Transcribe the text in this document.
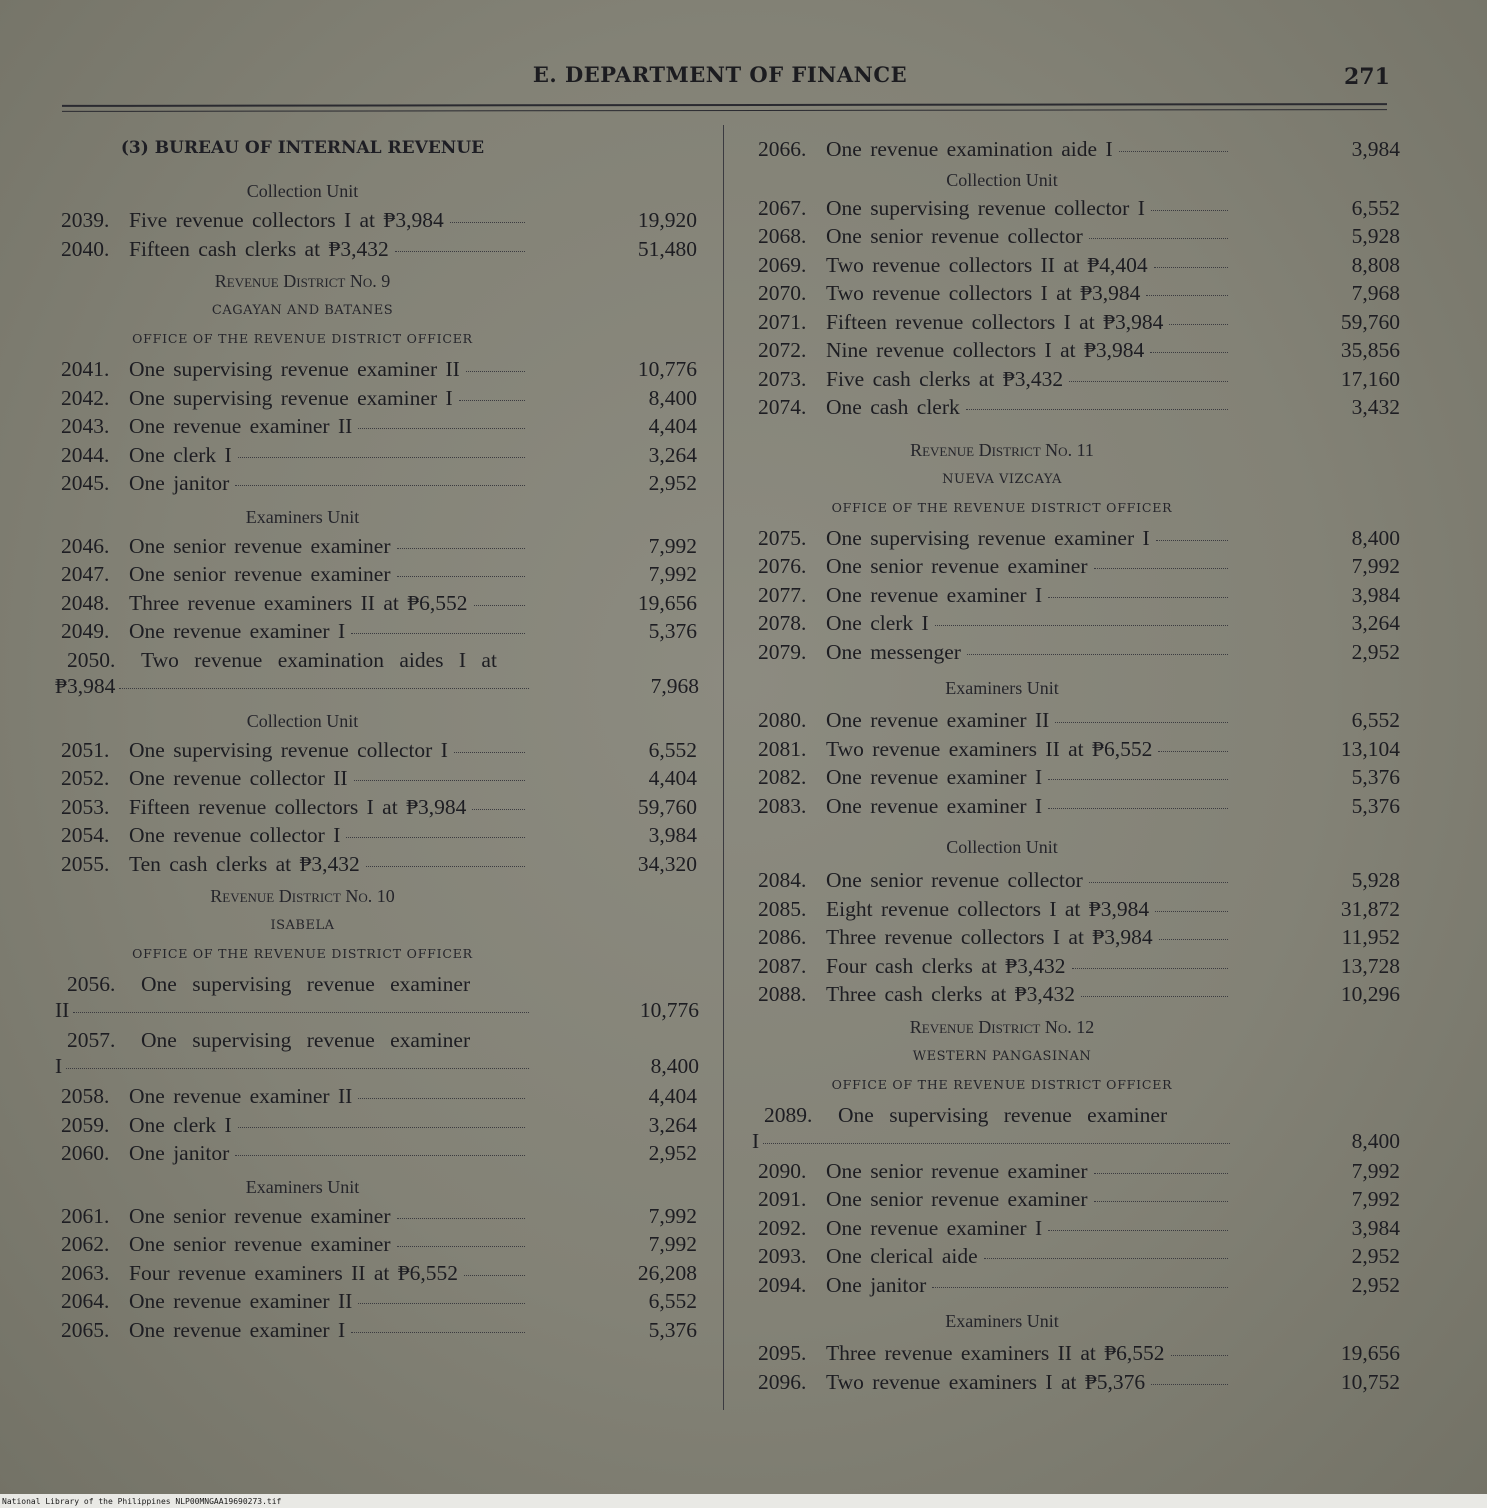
E. DEPARTMENT OF FINANCE	271
(3) BUREAU OF INTERNAL REVENUE
Collection Unit
2039. Five revenue collectors I at ₱3,984	19,920
2040. Fifteen cash clerks at ₱3,432	51,480
Revenue District No. 9
CAGAYAN AND BATANES
OFFICE OF THE REVENUE DISTRICT OFFICER
2041. One supervising revenue examiner II	10,776
2042. One supervising revenue examiner I	8,400
2043. One revenue examiner II	4,404
2044. One clerk I	3,264
2045. One janitor	2,952
Examiners Unit
2046. One senior revenue examiner	7,992
2047. One senior revenue examiner	7,992
2048. Three revenue examiners II at ₱6,552	19,656
2049. One revenue examiner I	5,376
2050.	Two revenue examination aides I at
₱3,984	7,968
Collection Unit
2051. One supervising revenue collector I	6,552
2052. One revenue collector II	4,404
2053. Fifteen revenue collectors I at ₱3,984	59,760
2054. One revenue collector I	3,984
2055. Ten cash clerks at ₱3,432	34,320
Revenue District No. 10
ISABELA
OFFICE OF THE REVENUE DISTRICT OFFICER
2056.	One supervising revenue examiner
II	10,776
2057.	One supervising revenue examiner
I	8,400
2058. One revenue examiner II	4,404
2059. One clerk I	3,264
2060. One janitor	2,952
Examiners Unit
2061. One senior revenue examiner	7,992
2062. One senior revenue examiner	7,992
2063. Four revenue examiners II at ₱6,552	26,208
2064. One revenue examiner II	6,552
2065. One revenue examiner I	5,376
2066. One revenue examination aide I	3,984
Collection Unit
2067. One supervising revenue collector I	6,552
2068. One senior revenue collector	5,928
2069. Two revenue collectors II at ₱4,404	8,808
2070. Two revenue collectors I at ₱3,984	7,968
2071. Fifteen revenue collectors I at ₱3,984	59,760
2072. Nine revenue collectors I at ₱3,984	35,856
2073. Five cash clerks at ₱3,432	17,160
2074. One cash clerk	3,432
Revenue District No. 11
NUEVA VIZCAYA
OFFICE OF THE REVENUE DISTRICT OFFICER
2075. One supervising revenue examiner I	8,400
2076. One senior revenue examiner	7,992
2077. One revenue examiner I	3,984
2078. One clerk I	3,264
2079. One messenger	2,952
Examiners Unit
2080. One revenue examiner II	6,552
2081. Two revenue examiners II at ₱6,552	13,104
2082. One revenue examiner I	5,376
2083. One revenue examiner I	5,376
Collection Unit
2084. One senior revenue collector	5,928
2085. Eight revenue collectors I at ₱3,984	31,872
2086. Three revenue collectors I at ₱3,984	11,952
2087. Four cash clerks at ₱3,432	13,728
2088. Three cash clerks at ₱3,432	10,296
Revenue District No. 12
WESTERN PANGASINAN
OFFICE OF THE REVENUE DISTRICT OFFICER
2089.	One supervising revenue examiner
I	8,400
2090. One senior revenue examiner	7,992
2091. One senior revenue examiner	7,992
2092. One revenue examiner I	3,984
2093. One clerical aide	2,952
2094. One janitor	2,952
Examiners Unit
2095. Three revenue examiners II at ₱6,552	19,656
2096. Two revenue examiners I at ₱5,376	10,752
National Library of the Philippines NLP00MNGAA19690273.tif
